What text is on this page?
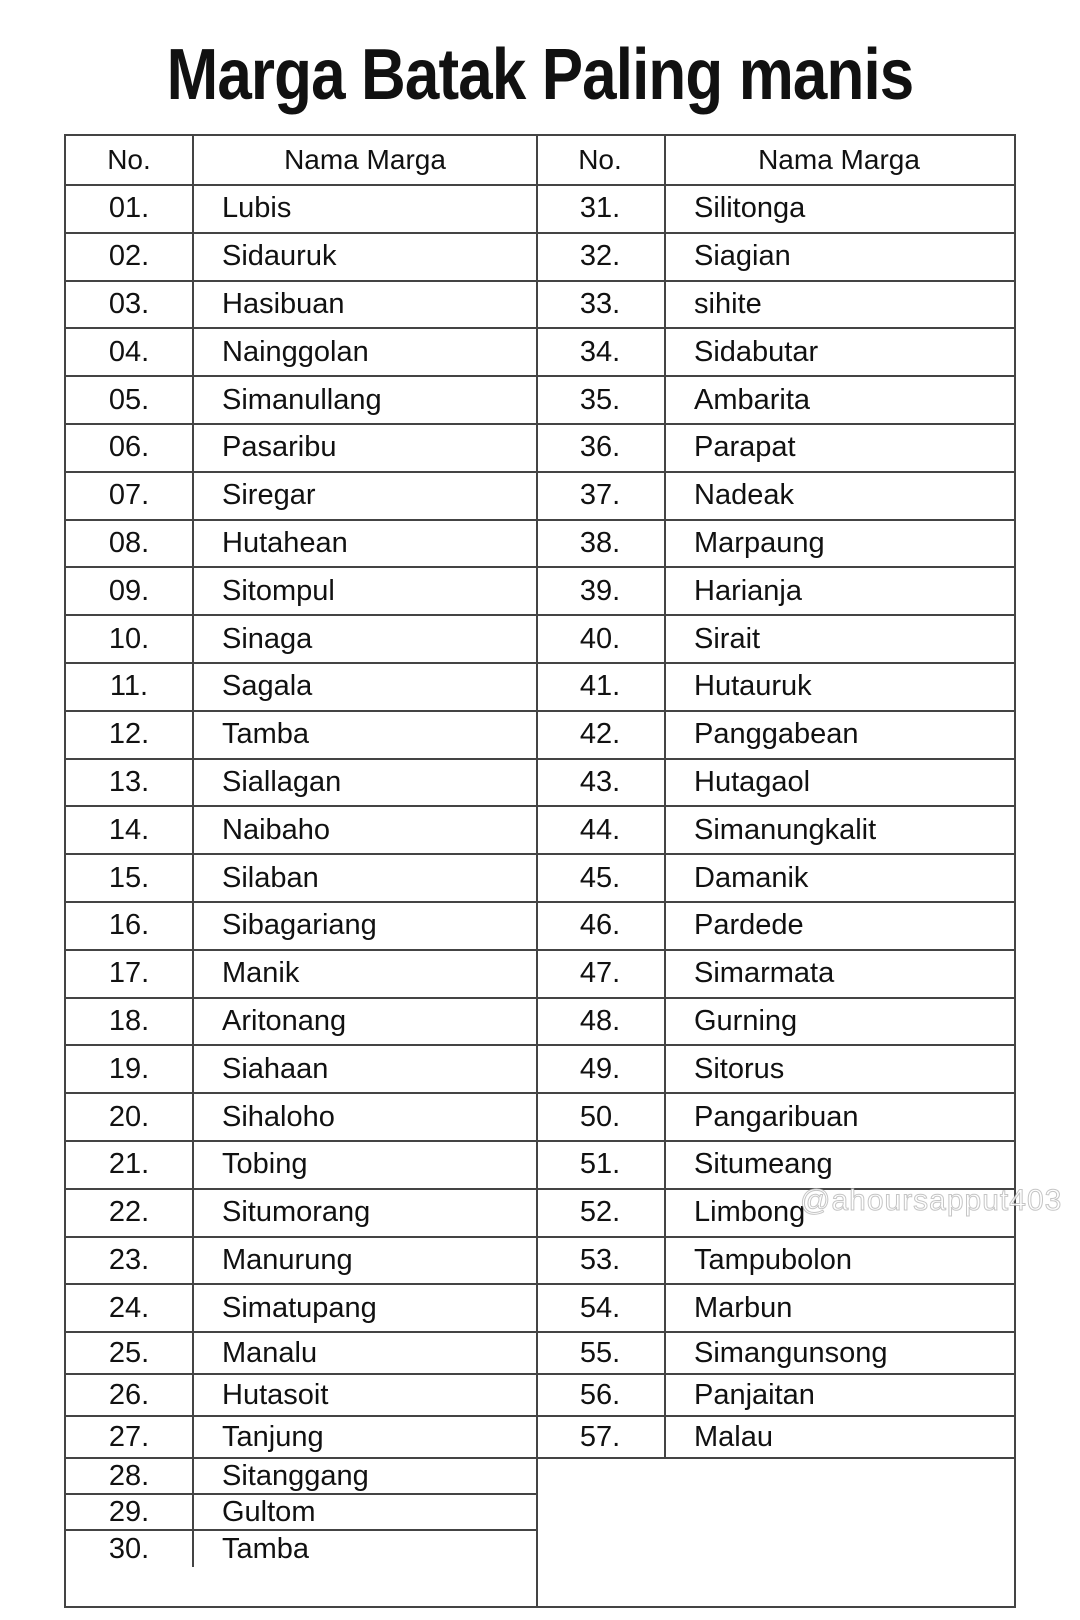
Marga Batak Paling manis
No.	Nama Marga
01.	Lubis
02.	Sidauruk
03.	Hasibuan
04.	Nainggolan
05.	Simanullang
06.	Pasaribu
07.	Siregar
08.	Hutahean
09.	Sitompul
10.	Sinaga
11.	Sagala
12.	Tamba
13.	Siallagan
14.	Naibaho
15.	Silaban
16.	Sibagariang
17.	Manik
18.	Aritonang
19.	Siahaan
20.	Sihaloho
21.	Tobing
22.	Situmorang
23.	Manurung
24.	Simatupang
25.	Manalu
26.	Hutasoit
27.	Tanjung
28.	Sitanggang
29.	Gultom
30.	Tamba
No.	Nama Marga
31.	Silitonga
32.	Siagian
33.	sihite
34.	Sidabutar
35.	Ambarita
36.	Parapat
37.	Nadeak
38.	Marpaung
39.	Harianja
40.	Sirait
41.	Hutauruk
42.	Panggabean
43.	Hutagaol
44.	Simanungkalit
45.	Damanik
46.	Pardede
47.	Simarmata
48.	Gurning
49.	Sitorus
50.	Pangaribuan
51.	Situmeang
52.	Limbong
53.	Tampubolon
54.	Marbun
55.	Simangunsong
56.	Panjaitan
57.	Malau
@ahoursapput403
